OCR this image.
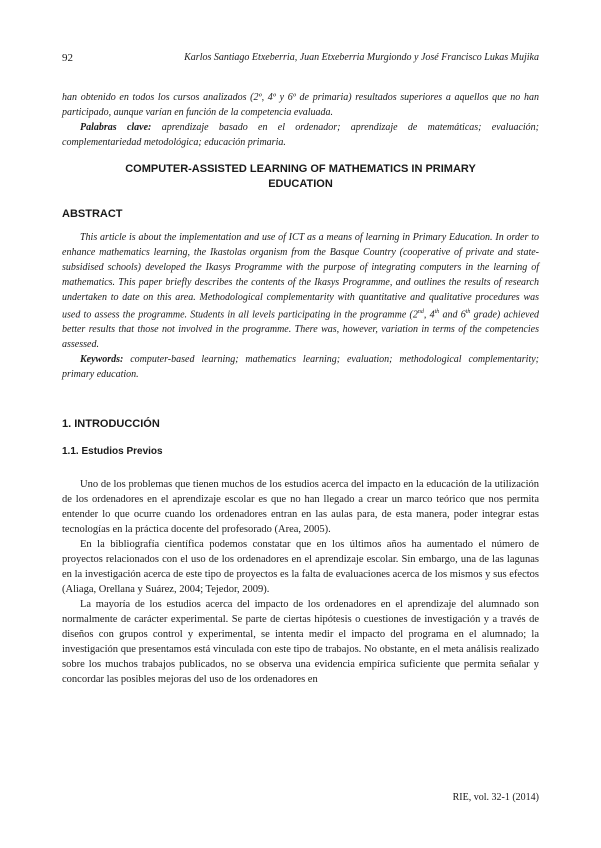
92	Karlos Santiago Etxeberria, Juan Etxeberria Murgiondo y José Francisco Lukas Mujika

han obtenido en todos los cursos analizados (2º, 4º y 6º de primaria) resultados superiores a aquellos que no han participado, aunque varían en función de la competencia evaluada.

Palabras clave: aprendizaje basado en el ordenador; aprendizaje de matemáticas; evaluación; complementariedad metodológica; educación primaria.

COMPUTER-ASSISTED LEARNING OF MATHEMATICS IN PRIMARY EDUCATION
ABSTRACT

This article is about the implementation and use of ICT as a means of learning in Primary Education. In order to enhance mathematics learning, the Ikastolas organism from the Basque Country (cooperative of private and state-subsidised schools) developed the Ikasys Programme with the purpose of integrating computers in the learning of mathematics. This paper briefly describes the contents of the Ikasys Programme, and outlines the results of research undertaken to date on this area. Methodological complementarity with quantitative and qualitative procedures was used to assess the programme. Students in all levels participating in the programme (2nd, 4th and 6th grade) achieved better results that those not involved in the programme. There was, however, variation in terms of the competencies assessed.

Keywords: computer-based learning; mathematics learning; evaluation; methodological complementarity; primary education.

1. INTRODUCCIÓN
1.1. Estudios Previos

Uno de los problemas que tienen muchos de los estudios acerca del impacto en la educación de la utilización de los ordenadores en el aprendizaje escolar es que no han llegado a crear un marco teórico que nos permita entender lo que ocurre cuando los ordenadores entran en las aulas para, de esta manera, poder integrar estas tecnologías en la práctica docente del profesorado (Area, 2005).

En la bibliografía científica podemos constatar que en los últimos años ha aumentado el número de proyectos relacionados con el uso de los ordenadores en el aprendizaje escolar. Sin embargo, una de las lagunas en la investigación acerca de este tipo de proyectos es la falta de evaluaciones acerca de los mismos y sus efectos (Aliaga, Orellana y Suárez, 2004; Tejedor, 2009).

La mayoría de los estudios acerca del impacto de los ordenadores en el aprendizaje del alumnado son normalmente de carácter experimental. Se parte de ciertas hipótesis o cuestiones de investigación y a través de diseños con grupos control y experimental, se intenta medir el impacto del programa en el alumnado; la investigación que presentamos está vinculada con este tipo de trabajos. No obstante, en el meta análisis realizado sobre los muchos trabajos publicados, no se observa una evidencia empírica suficiente que permita señalar y concordar las posibles mejoras del uso de los ordenadores en

RIE, vol. 32-1 (2014)
